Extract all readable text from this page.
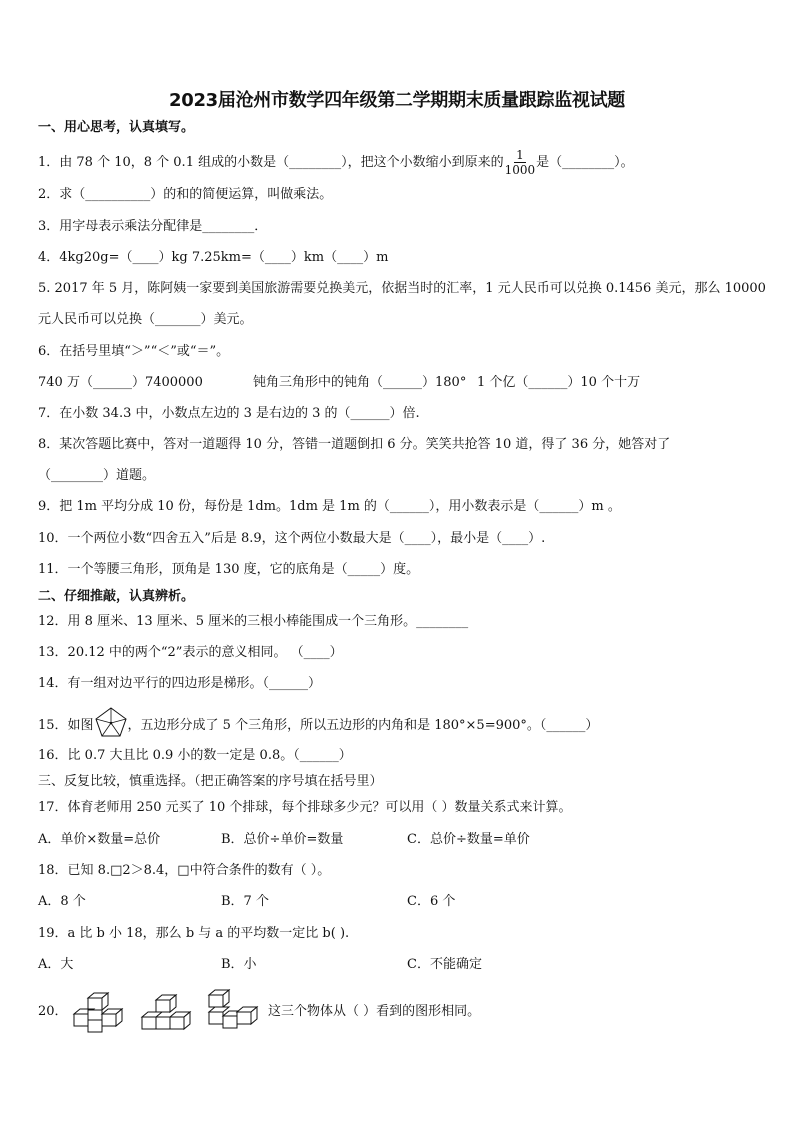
2023届沧州市数学四年级第二学期期末质量跟踪监视试题
一、用心思考，认真填写。
1．由 78 个 10，8 个 0.1 组成的小数是（________），把这个小数缩小到原来的 $\frac{1}{1000}$ 是（________）。
2．求（__________）的和的简便运算，叫做乘法。
3．用字母表示乘法分配律是________．
4．4kg20g=（____）kg 7.25km=（____）km（____）m
5. 2017 年 5 月，陈阿姨一家要到美国旅游需要兑换美元，依据当时的汇率，1 元人民币可以兑换 0.1456 美元，那么 10000
元人民币可以兑换（_______）美元。
6．在括号里填“＞”“＜”或“＝”。
740 万（______）7400000	钝角三角形中的钝角（______）180° 1 个亿（______）10 个十万
7．在小数 34.3 中，小数点左边的 3 是右边的 3 的（______）倍.
8．某次答题比赛中，答对一道题得 10 分，答错一道题倒扣 6 分。笑笑共抢答 10 道，得了 36 分，她答对了
（________）道题。
9．把 1m 平均分成 10 份，每份是 1dm。1dm 是 1m 的（______），用小数表示是（______）m 。
10．一个两位小数“四舍五入”后是 8.9，这个两位小数最大是（____），最小是（____）.
11．一个等腰三角形，顶角是 130 度，它的底角是（_____）度。
二、仔细推敲，认真辨析。
12．用 8 厘米、13 厘米、5 厘米的三根小棒能围成一个三角形。________
13．20.12 中的两个“2”表示的意义相同。 （____）
14．有一组对边平行的四边形是梯形。（______）
15．如图	，五边形分成了 5 个三角形，所以五边形的内角和是 180°×5=900°。（______）
16．比 0.7 大且比 0.9 小的数一定是 0.8。（______）
三、反复比较，慎重选择。（把正确答案的序号填在括号里）
17．体育老师用 250 元买了 10 个排球，每个排球多少元？可以用（ ）数量关系式来计算。
A．单价×数量=总价	B．总价÷单价=数量	C．总价÷数量=单价
18．已知 8.□2＞8.4，□中符合条件的数有（ ）。
A．8 个	B．7 个	C．6 个
19．a 比 b 小 18，那么 b 与 a 的平均数一定比 b( ).
A．大	B．小	C．不能确定
20．	这三个物体从（ ）看到的图形相同。
